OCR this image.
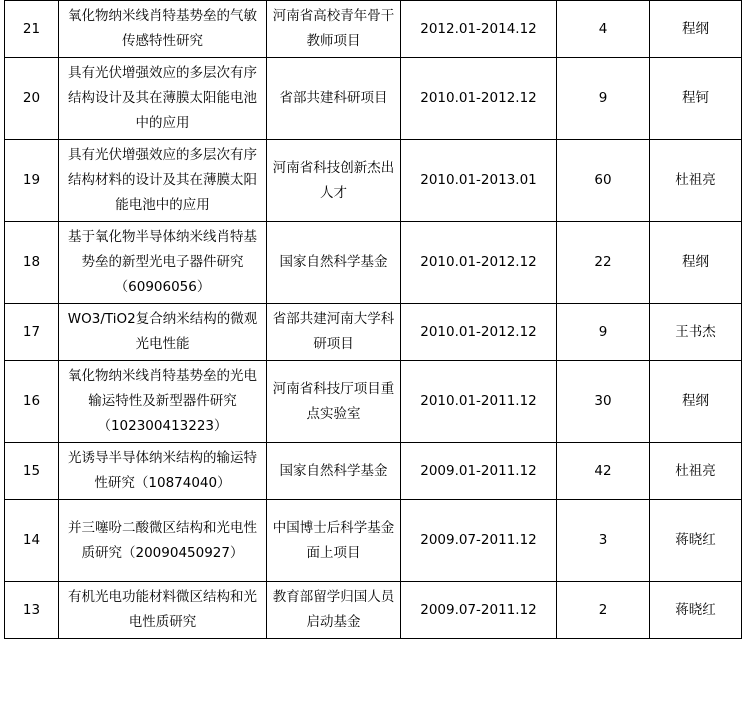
21	氧化物纳米线肖特基势垒的气敏传感特性研究	河南省高校青年骨干教师项目	2012.01-2014.12	4	程纲
20	具有光伏增强效应的多层次有序结构设计及其在薄膜太阳能电池中的应用	省部共建科研项目	2010.01-2012.12	9	程钶
19	具有光伏增强效应的多层次有序结构材料的设计及其在薄膜太阳能电池中的应用	河南省科技创新杰出人才	2010.01-2013.01	60	杜祖亮
18	基于氧化物半导体纳米线肖特基势垒的新型光电子器件研究（60906056）	国家自然科学基金	2010.01-2012.12	22	程纲
17	WO3/TiO2复合纳米结构的微观光电性能	省部共建河南大学科研项目	2010.01-2012.12	9	王书杰
16	氧化物纳米线肖特基势垒的光电输运特性及新型器件研究（102300413223）	河南省科技厅项目重点实验室	2010.01-2011.12	30	程纲
15	光诱导半导体纳米结构的输运特性研究（10874040）	国家自然科学基金	2009.01-2011.12	42	杜祖亮
14	并三噻吩二酸微区结构和光电性质研究（20090450927）	中国博士后科学基金面上项目	2009.07-2011.12	3	蒋晓红
13	有机光电功能材料微区结构和光电性质研究	教育部留学归国人员启动基金	2009.07-2011.12	2	蒋晓红
